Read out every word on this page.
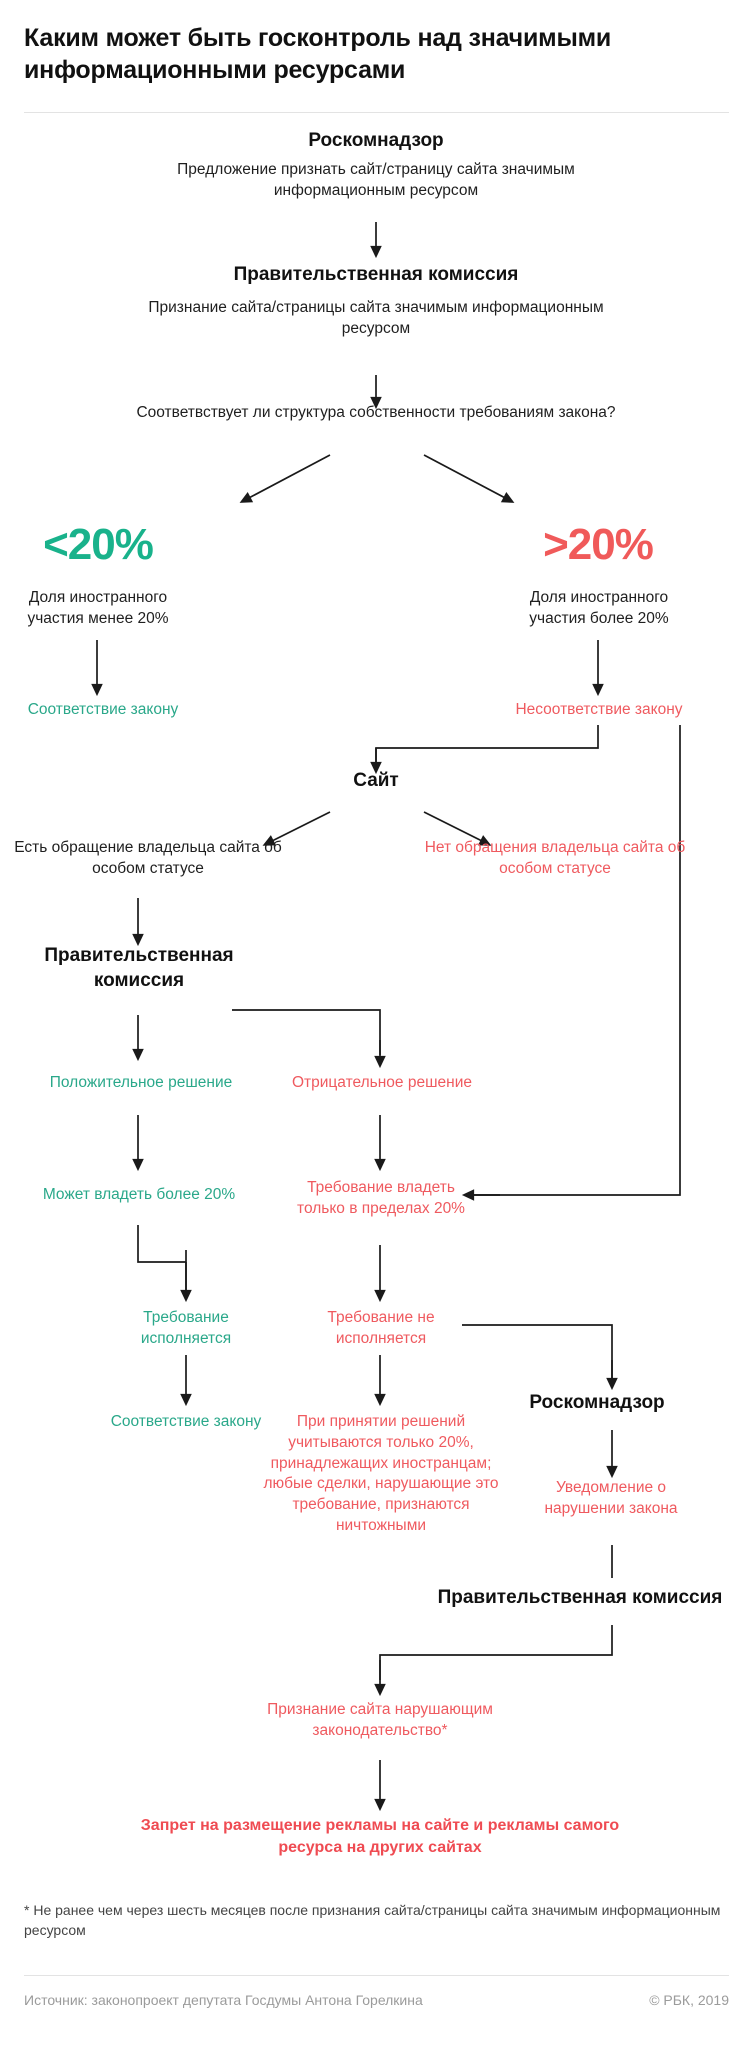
Каким может быть госконтроль над значимыми информационными ресурсами
Роскомнадзор
Предложение признать сайт/страницу сайта значимым информационным ресурсом
Правительственная комиссия
Признание сайта/страницы сайта значимым информационным ресурсом
Соответвствует ли структура собственности требованиям закона?
<20%
Доля иностранного участия менее 20%
>20%
Доля иностранного участия более 20%
Соответствие закону	Несоответствие закону
Сайт
Есть обращение владельца сайта об особом статусе
Нет обращения владельца сайта об особом статусе
Правительственная комиссия
Положительное решение	Отрицательное решение
Может владеть более 20%	Требование владеть только в пределах 20%
Требование исполняется
Требование не исполняется
Роскомнадзор
Соответствие закону	При принятии решений учитываются только 20%, принадлежащих иностранцам; любые сделки, нарушающие это требование, признаются ничтожными
Уведомление о нарушении закона
Правительственная комиссия
Признание сайта нарушающим законодательство*
Запрет на размещение рекламы на сайте и рекламы самого ресурса на других сайтах
* Не ранее чем через шесть месяцев после признания сайта/страницы сайта значимым информационным ресурсом
Источник: законопроект депутата Госдумы Антона Горелкина	© РБК, 2019
